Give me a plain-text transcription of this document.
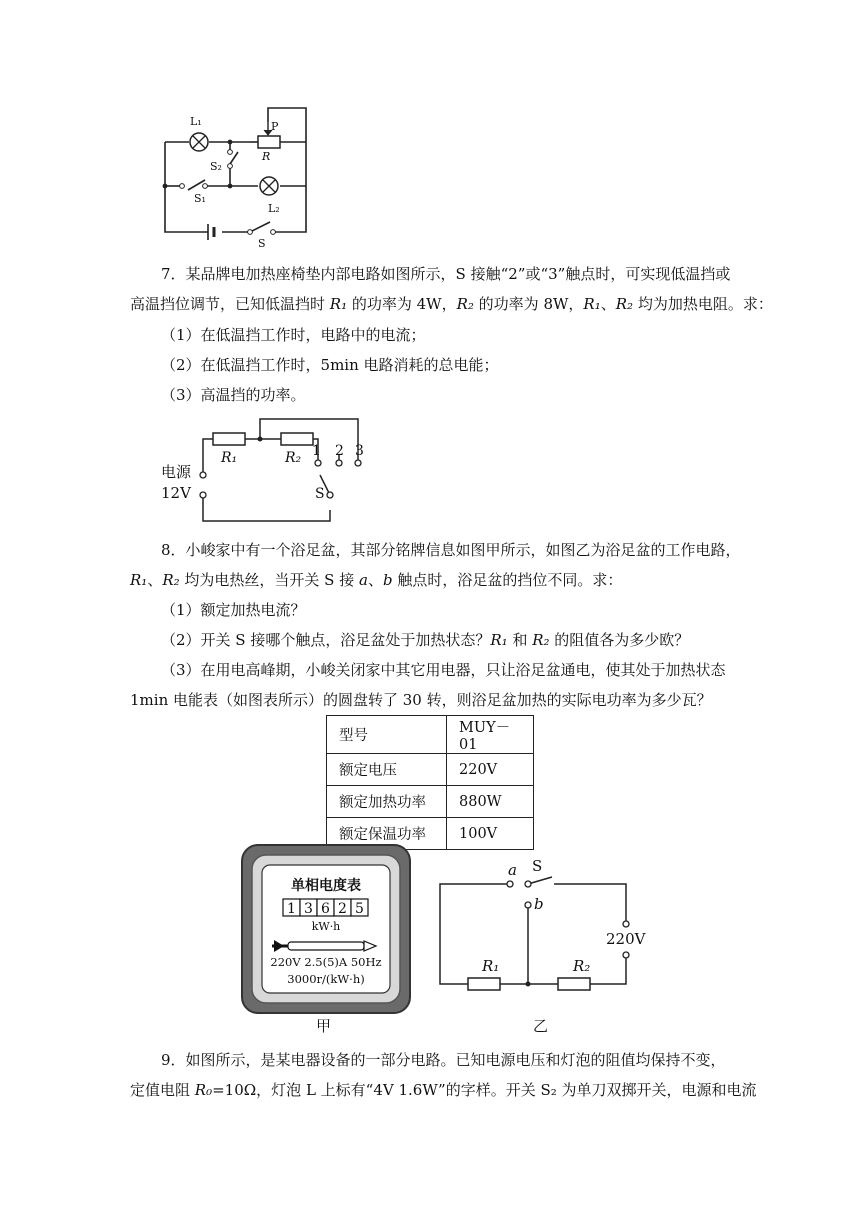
L₁	P
R
S₂
S₁
L₂
S
7．某品牌电加热座椅垫内部电路如图所示，S 接触“2”或“3”触点时，可实现低温挡或
高温挡位调节，已知低温挡时 R₁ 的功率为 4W，R₂ 的功率为 8W，R₁、R₂ 均为加热电阻。求：
（1）在低温挡工作时，电路中的电流；
（2）在低温挡工作时，5min 电路消耗的总电能；
（3）高温挡的功率。
R₁	R₂ 1 2 3
电源
12V	S
8．小峻家中有一个浴足盆，其部分铭牌信息如图甲所示，如图乙为浴足盆的工作电路，
R₁、R₂ 均为电热丝，当开关 S 接 a、b 触点时，浴足盆的挡位不同。求：
（1）额定加热电流？
（2）开关 S 接哪个触点，浴足盆处于加热状态？R₁ 和 R₂ 的阻值各为多少欧？
（3）在用电高峰期，小峻关闭家中其它用电器，只让浴足盆通电，使其处于加热状态
1min 电能表（如图表所示）的圆盘转了 30 转，则浴足盆加热的实际电功率为多少瓦？
型号	MUY－01
额定电压	220V
额定加热功率	880W
额定保温功率	100V
单相电度表
1 3 6 2 5
kW·h
220V 2.5(5)A 50Hz
3000r/(kW·h)
a S
b
220V
R₁	R₂
甲	乙
9．如图所示，是某电器设备的一部分电路。已知电源电压和灯泡的阻值均保持不变，
定值电阻 R₀=10Ω，灯泡 L 上标有“4V 1.6W”的字样。开关 S₂ 为单刀双掷开关，电源和电流
